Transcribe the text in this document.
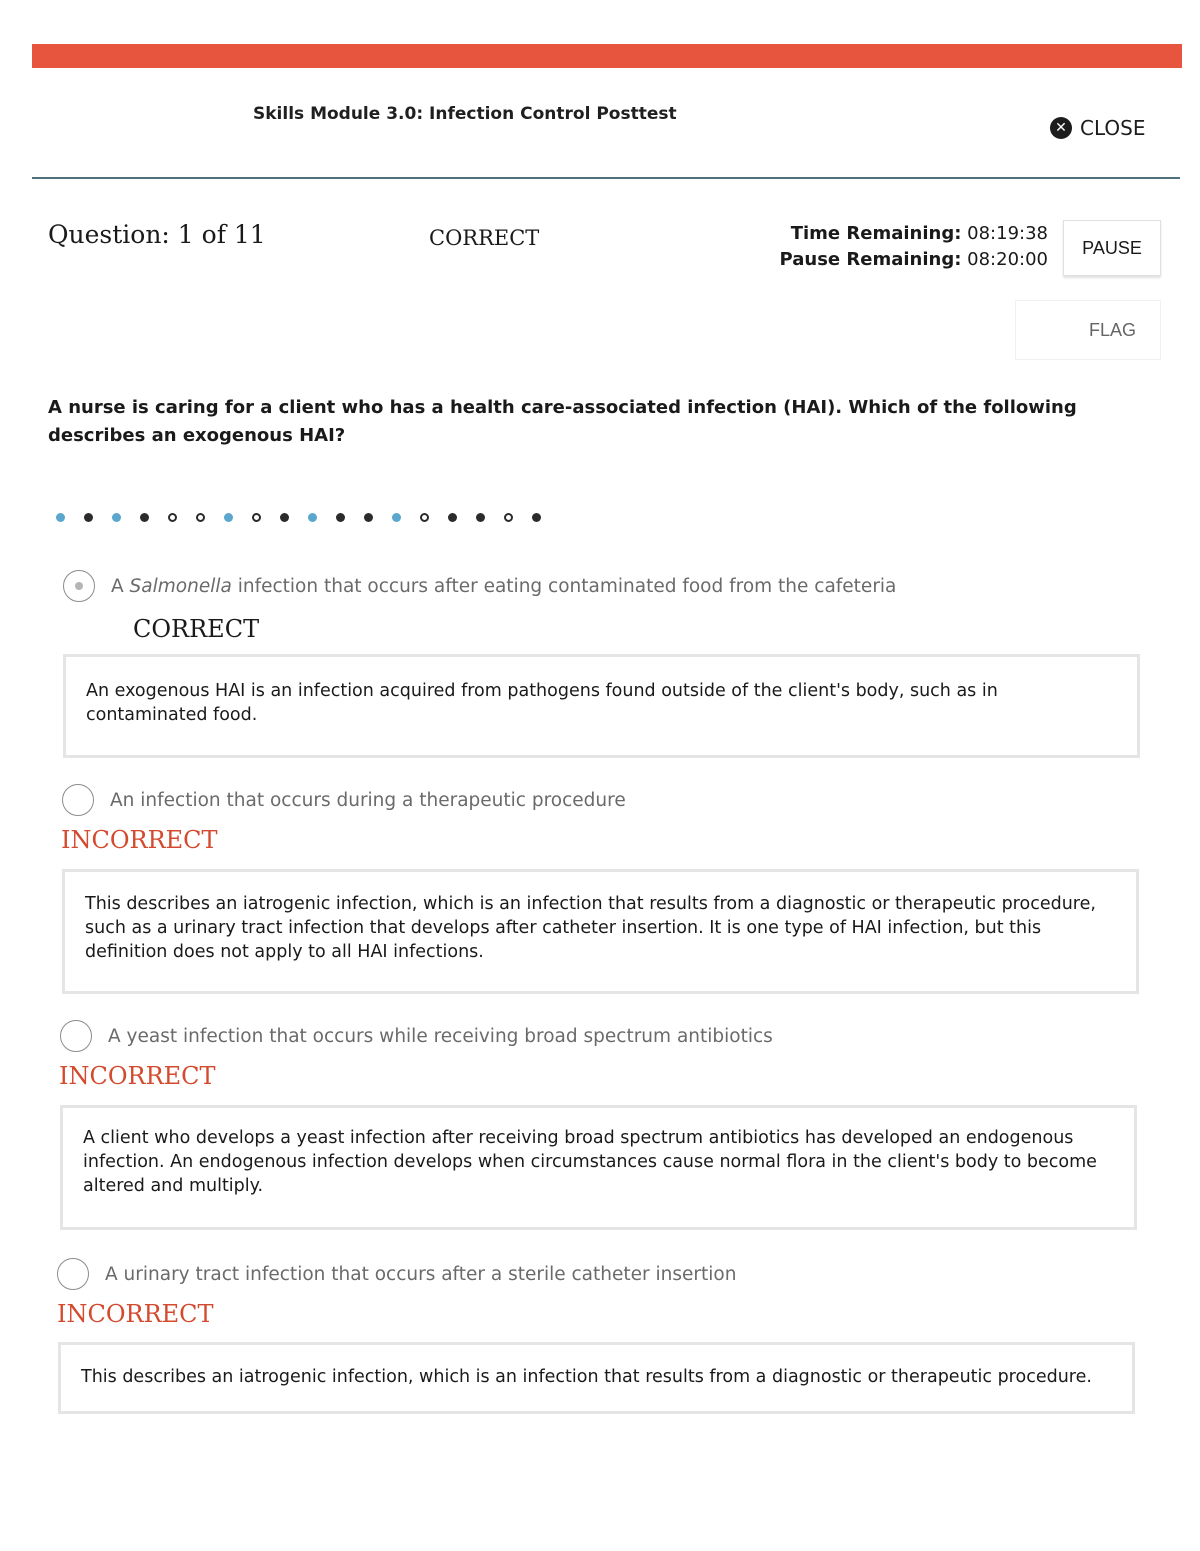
Skills Module 3.0: Infection Control Posttest
✕ CLOSE
Question: 1 of 11	CORRECT	Time Remaining: 08:19:38
Pause Remaining: 08:20:00
PAUSE
FLAG
A nurse is caring for a client who has a health care-associated infection (HAI). Which of the following describes an exogenous HAI?
A Salmonella infection that occurs after eating contaminated food from the cafeteria
CORRECT
An exogenous HAI is an infection acquired from pathogens found outside of the client's body, such as in contaminated food.
An infection that occurs during a therapeutic procedure
INCORRECT
This describes an iatrogenic infection, which is an infection that results from a diagnostic or therapeutic procedure, such as a urinary tract infection that develops after catheter insertion. It is one type of HAI infection, but this definition does not apply to all HAI infections.
A yeast infection that occurs while receiving broad spectrum antibiotics
INCORRECT
A client who develops a yeast infection after receiving broad spectrum antibiotics has developed an endogenous infection. An endogenous infection develops when circumstances cause normal flora in the client's body to become altered and multiply.
A urinary tract infection that occurs after a sterile catheter insertion
INCORRECT
This describes an iatrogenic infection, which is an infection that results from a diagnostic or therapeutic procedure.
